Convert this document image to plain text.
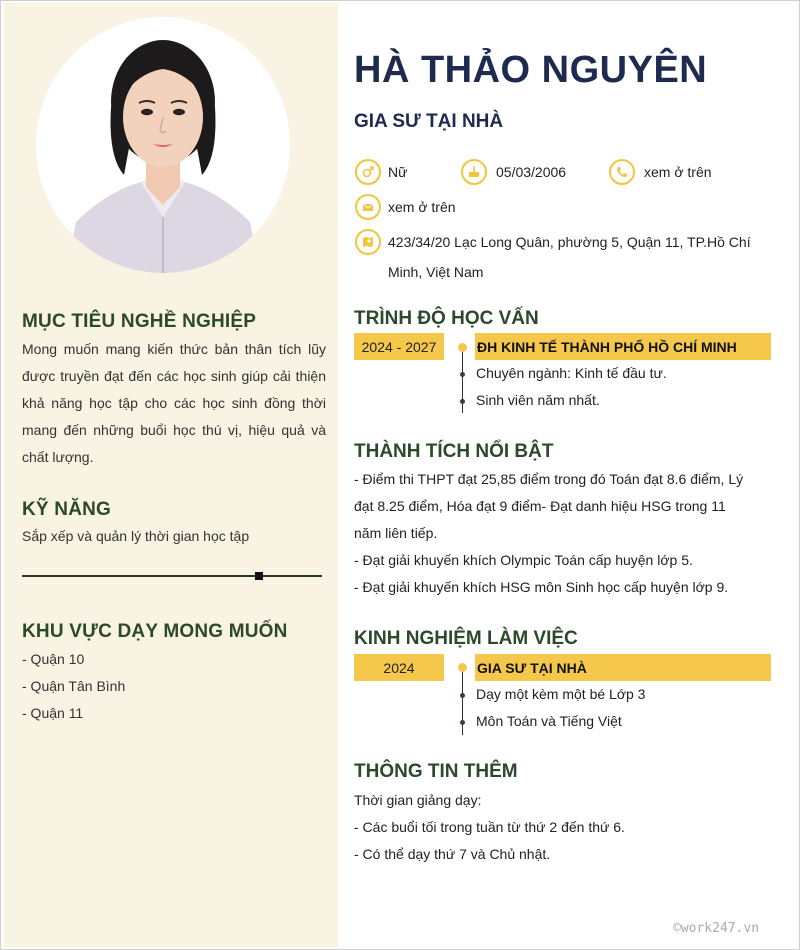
MỤC TIÊU NGHỀ NGHIỆP

Mong muốn mang kiến thức bản thân tích lũy được truyền đạt đến các học sinh giúp cải thiện khả năng học tập cho các học sinh đồng thời mang đến những buổi học thú vị, hiệu quả và chất lượng.

KỸ NĂNG

Sắp xếp và quản lý thời gian học tập

KHU VỰC DẠY MONG MUỐN

- Quận 10

- Quận Tân Bình

- Quận 11

HÀ THẢO NGUYÊN
GIA SƯ TẠI NHÀ
Nữ	05/03/2006	xem ở trên
xem ở trên
423/34/20 Lạc Long Quân, phường 5, Quận 11, TP.Hồ Chí
Minh, Việt Nam
TRÌNH ĐỘ HỌC VẤN
2024 - 2027	ĐH KINH TẾ THÀNH PHỐ HỒ CHÍ MINH
Chuyên ngành: Kinh tế đầu tư.
Sinh viên năm nhất.
THÀNH TÍCH NỔI BẬT
- Điểm thi THPT đạt 25,85 điểm trong đó Toán đạt 8.6 điểm, Lý
đạt 8.25 điểm, Hóa đạt 9 điểm- Đạt danh hiệu HSG trong 11
năm liên tiếp.
- Đạt giải khuyến khích Olympic Toán cấp huyện lớp 5.
- Đạt giải khuyến khích HSG môn Sinh học cấp huyện lớp 9.
KINH NGHIỆM LÀM VIỆC
2024	GIA SƯ TẠI NHÀ
Dạy một kèm một bé Lớp 3
Môn Toán và Tiếng Việt
THÔNG TIN THÊM
Thời gian giảng dạy:
- Các buổi tối trong tuần từ thứ 2 đến thứ 6.
- Có thể dạy thứ 7 và Chủ nhật.
©work247.vn
